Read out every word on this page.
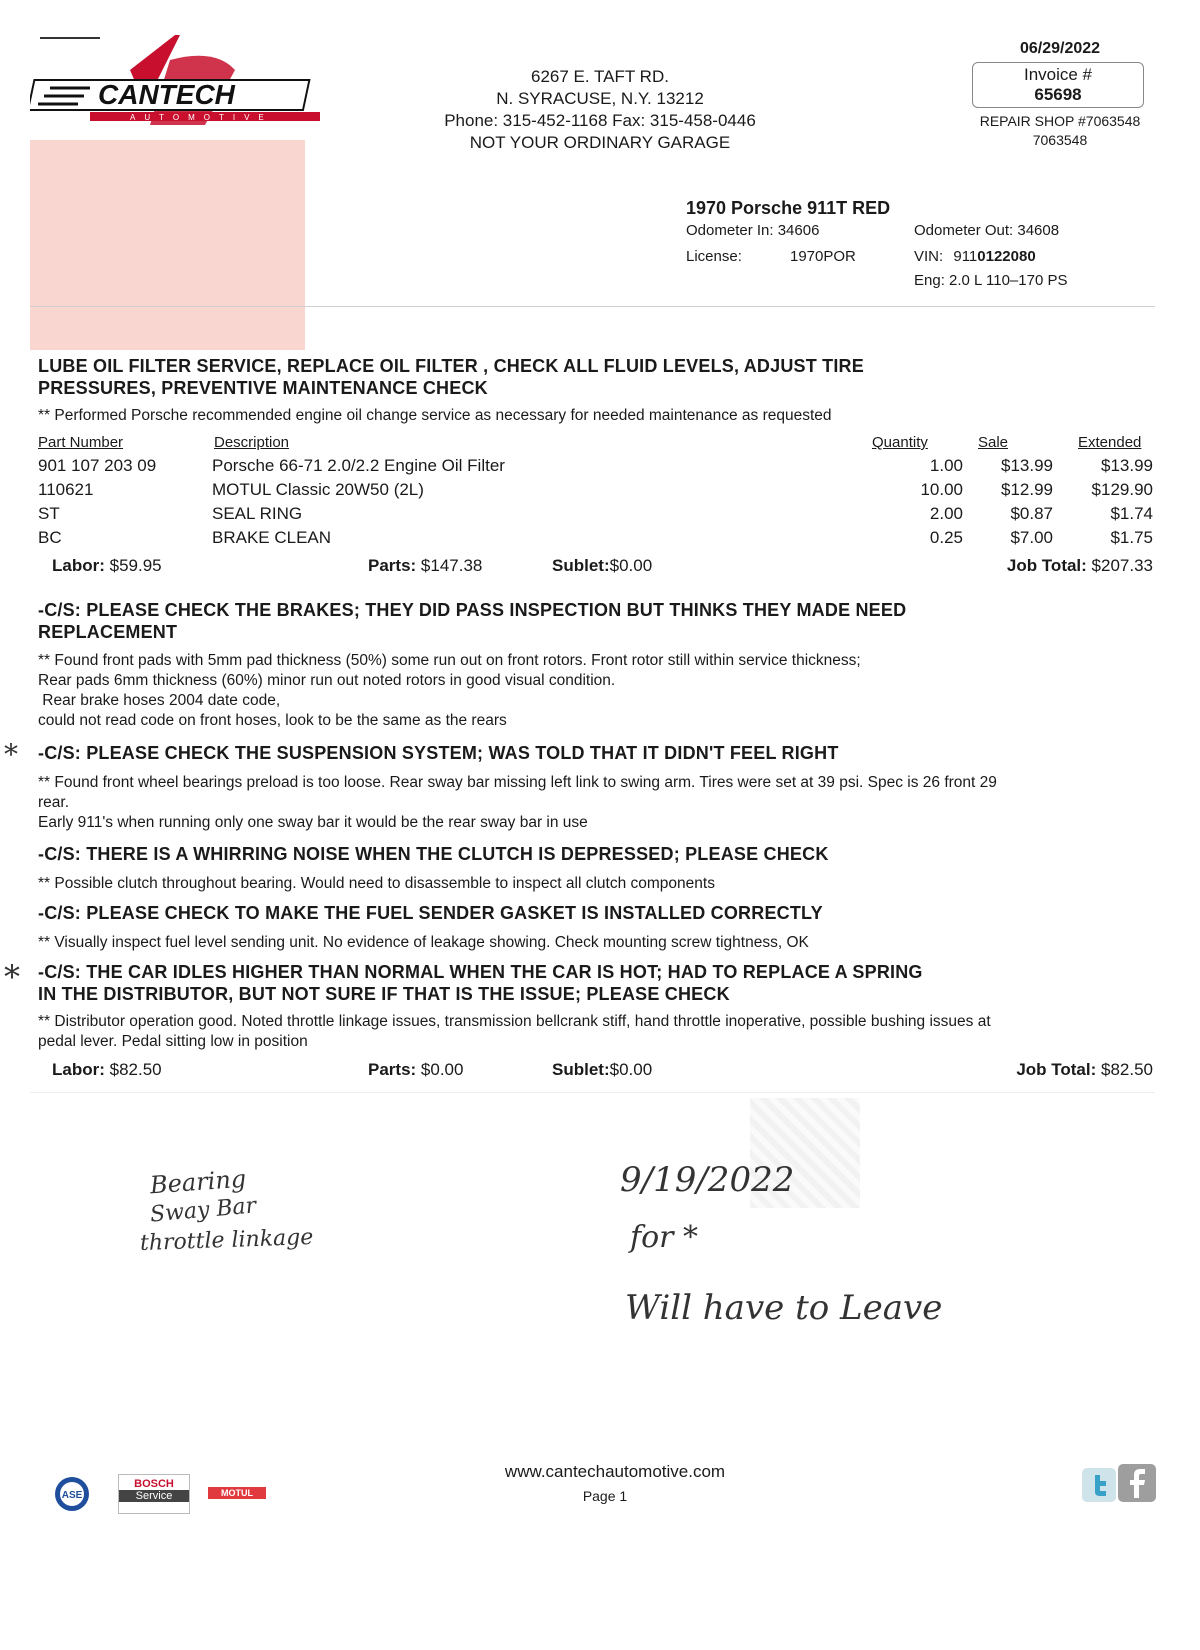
CANTECH
AUTOMOTIVE
6267 E. TAFT RD.
N. SYRACUSE, N.Y. 13212
Phone: 315-452-1168 Fax: 315-458-0446
NOT YOUR ORDINARY GARAGE
06/29/2022
Invoice #
65698
REPAIR SHOP #7063548
7063548
1970 Porsche 911T RED
Odometer In: 34606	Odometer Out: 34608
License:	1970POR	VIN: 9110122080
Eng: 2.0 L 110–170 PS
LUBE OIL FILTER SERVICE, REPLACE OIL FILTER , CHECK ALL FLUID LEVELS, ADJUST TIRE
PRESSURES, PREVENTIVE MAINTENANCE CHECK
** Performed Porsche recommended engine oil change service as necessary for needed maintenance as requested
Part Number	Description	Quantity	Sale	Extended
901 107 203 09	Porsche 66-71 2.0/2.2 Engine Oil Filter	1.00 $13.99	$13.99
110621	MOTUL Classic 20W50 (2L)	10.00 $12.99 $129.90
ST	SEAL RING	2.00	$0.87	$1.74
BC	BRAKE CLEAN	0.25	$7.00	$1.75
Labor: $59.95	Parts: $147.38	Sublet:$0.00	Job Total: $207.33
-C/S: PLEASE CHECK THE BRAKES; THEY DID PASS INSPECTION BUT THINKS THEY MADE NEED
REPLACEMENT
** Found front pads with 5mm pad thickness (50%) some run out on front rotors. Front rotor still within service thickness;
Rear pads 6mm thickness (60%) minor run out noted rotors in good visual condition.
Rear brake hoses 2004 date code,
could not read code on front hoses, look to be the same as the rears
* -C/S: PLEASE CHECK THE SUSPENSION SYSTEM; WAS TOLD THAT IT DIDN'T FEEL RIGHT
** Found front wheel bearings preload is too loose. Rear sway bar missing left link to swing arm. Tires were set at 39 psi. Spec is 26 front 29
rear.
Early 911's when running only one sway bar it would be the rear sway bar in use
-C/S: THERE IS A WHIRRING NOISE WHEN THE CLUTCH IS DEPRESSED; PLEASE CHECK
** Possible clutch throughout bearing. Would need to disassemble to inspect all clutch components
-C/S: PLEASE CHECK TO MAKE THE FUEL SENDER GASKET IS INSTALLED CORRECTLY
** Visually inspect fuel level sending unit. No evidence of leakage showing. Check mounting screw tightness, OK
* -C/S: THE CAR IDLES HIGHER THAN NORMAL WHEN THE CAR IS HOT; HAD TO REPLACE A SPRING
IN THE DISTRIBUTOR, BUT NOT SURE IF THAT IS THE ISSUE; PLEASE CHECK
** Distributor operation good. Noted throttle linkage issues, transmission bellcrank stiff, hand throttle inoperative, possible bushing issues at
pedal lever. Pedal sitting low in position
Labor: $82.50	Parts: $0.00	Sublet:$0.00	Job Total: $82.50
Bearing
Sway Bar
throttle linkage
9/19/2022
for *
Will have to Leave
ASE
BOSCH
Service	MOTUL
www.cantechautomotive.com
Page 1
